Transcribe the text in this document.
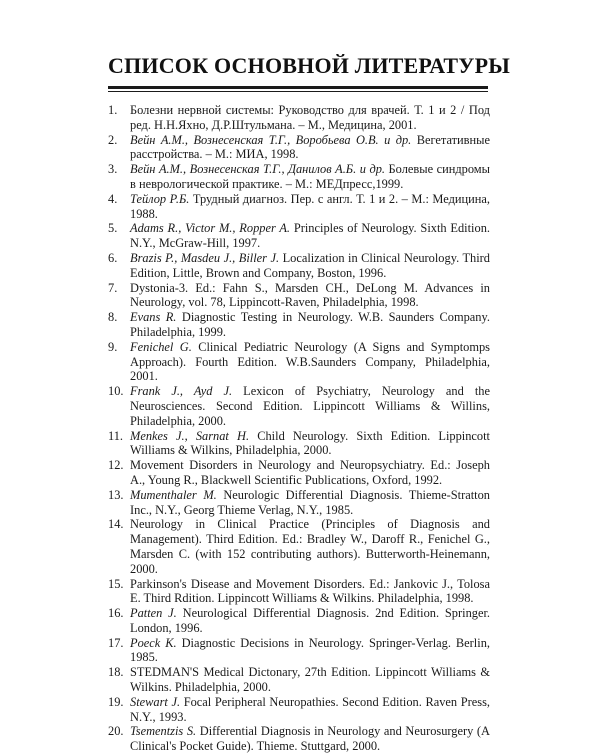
СПИСОК ОСНОВНОЙ ЛИТЕРАТУРЫ
1.	Болезни нервной системы: Руководство для врачей. Т. 1 и 2 / Под ред. Н.Н.Яхно, Д.Р.Штульмана. – М., Медицина, 2001.
2.	Вейн А.М., Вознесенская Т.Г., Воробьева О.В. и др. Вегетативные расстройства. – М.: МИА, 1998.
3.	Вейн А.М., Вознесенская Т.Г., Данилов А.Б. и др. Болевые синдромы в неврологической практике. – М.: МЕДпресс,1999.
4.	Тейлор Р.Б. Трудный диагноз. Пер. с англ. Т. 1 и 2. – М.: Медицина, 1988.
5.	Adams R., Victor M., Ropper A. Principles of Neurology. Sixth Edition. N.Y., McGraw-Hill, 1997.
6.	Brazis P., Masdeu J., Biller J. Localization in Clinical Neurology. Third Edition, Little, Brown and Company, Boston, 1996.
7.	Dystonia-3. Ed.: Fahn S., Marsden CH., DeLong M. Advances in Neurology, vol. 78, Lippincott-Raven, Philadelphia, 1998.
8.	Evans R. Diagnostic Testing in Neurology. W.B. Saunders Company. Philadelphia, 1999.
9.	Fenichel G. Clinical Pediatric Neurology (A Signs and Symptomps Approach). Fourth Edition. W.B.Saunders Company, Philadelphia, 2001.
10. Frank J., Ayd J. Lexicon of Psychiatry, Neurology and the Neurosciences. Second Edition. Lippincott Williams & Willins, Philadelphia, 2000.
11. Menkes J., Sarnat H. Child Neurology. Sixth Edition. Lippincott Williams & Wilkins, Philadelphia, 2000.
12. Movement Disorders in Neurology and Neuropsychiatry. Ed.: Joseph A., Young R., Blackwell Scientific Publications, Oxford, 1992.
13. Mumenthaler M. Neurologic Differential Diagnosis. Thieme-Stratton Inc., N.Y., Georg Thieme Verlag, N.Y., 1985.
14. Neurology in Clinical Practice (Principles of Diagnosis and Management). Third Edition. Ed.: Bradley W., Daroff R., Fenichel G., Marsden C. (with 152 contributing authors). Butterworth-Heinemann, 2000.
15. Parkinson's Disease and Movement Disorders. Ed.: Jankovic J., Tolosa E. Third Rdition. Lippincott Williams & Wilkins. Philadelphia, 1998.
16. Patten J. Neurological Differential Diagnosis. 2nd Edition. Springer. London, 1996.
17. Poeck K. Diagnostic Decisions in Neurology. Springer-Verlag. Berlin, 1985.
18. STEDMAN'S Medical Dictonary, 27th Edition. Lippincott Williams & Wilkins. Philadelphia, 2000.
19. Stewart J. Focal Peripheral Neuropathies. Second Edition. Raven Press, N.Y., 1993.
20. Tsementzis S. Differential Diagnosis in Neurology and Neurosurgery (A Clinical's Pocket Guide). Thieme. Stuttgard, 2000.
